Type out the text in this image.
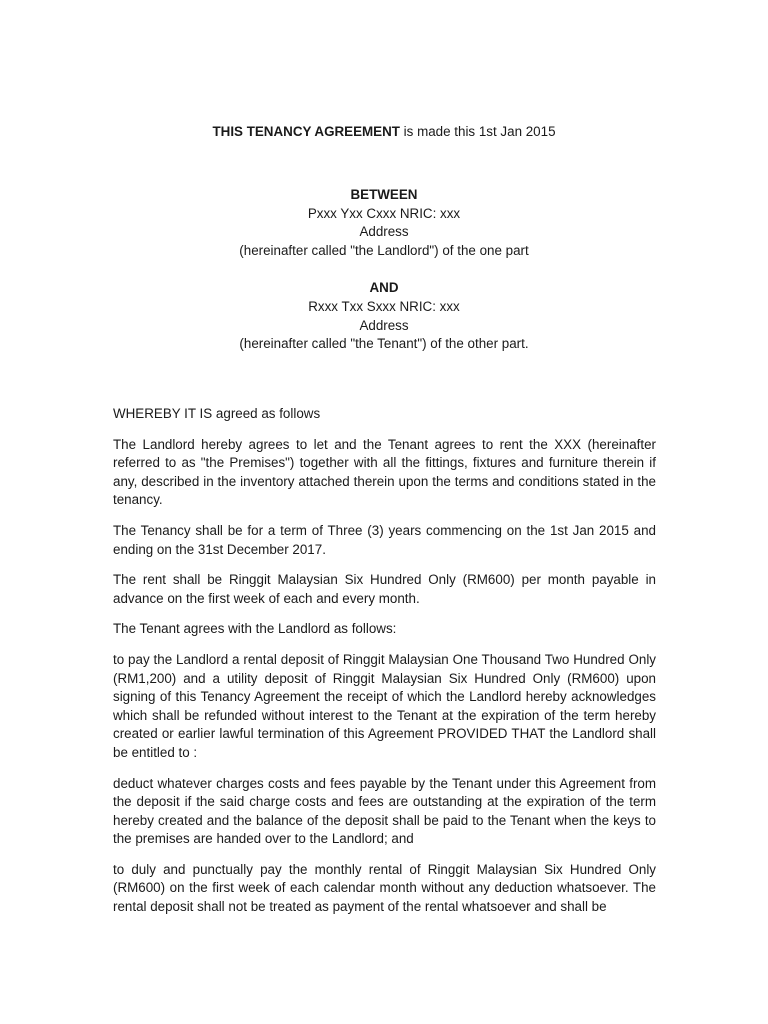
THIS TENANCY AGREEMENT is made this 1st Jan 2015
BETWEEN
Pxxx Yxx Cxxx NRIC: xxx
Address
(hereinafter called "the Landlord") of the one part
AND
Rxxx Txx Sxxx NRIC: xxx
Address
(hereinafter called "the Tenant") of the other part.

WHEREBY IT IS agreed as follows

The Landlord hereby agrees to let and the Tenant agrees to rent the XXX (hereinafter referred to as "the Premises") together with all the fittings, fixtures and furniture therein if any, described in the inventory attached therein upon the terms and conditions stated in the tenancy.

The Tenancy shall be for a term of Three (3) years commencing on the 1st Jan 2015 and ending on the 31st December 2017.

The rent shall be Ringgit Malaysian Six Hundred Only (RM600) per month payable in advance on the first week of each and every month.

The Tenant agrees with the Landlord as follows:

to pay the Landlord a rental deposit of Ringgit Malaysian One Thousand Two Hundred Only (RM1,200) and a utility deposit of Ringgit Malaysian Six Hundred Only (RM600) upon signing of this Tenancy Agreement the receipt of which the Landlord hereby acknowledges which shall be refunded without interest to the Tenant at the expiration of the term hereby created or earlier lawful termination of this Agreement PROVIDED THAT the Landlord shall be entitled to :

deduct whatever charges costs and fees payable by the Tenant under this Agreement from the deposit if the said charge costs and fees are outstanding at the expiration of the term hereby created and the balance of the deposit shall be paid to the Tenant when the keys to the premises are handed over to the Landlord; and

to duly and punctually pay the monthly rental of Ringgit Malaysian Six Hundred Only (RM600) on the first week of each calendar month without any deduction whatsoever. The rental deposit shall not be treated as payment of the rental whatsoever and shall be
